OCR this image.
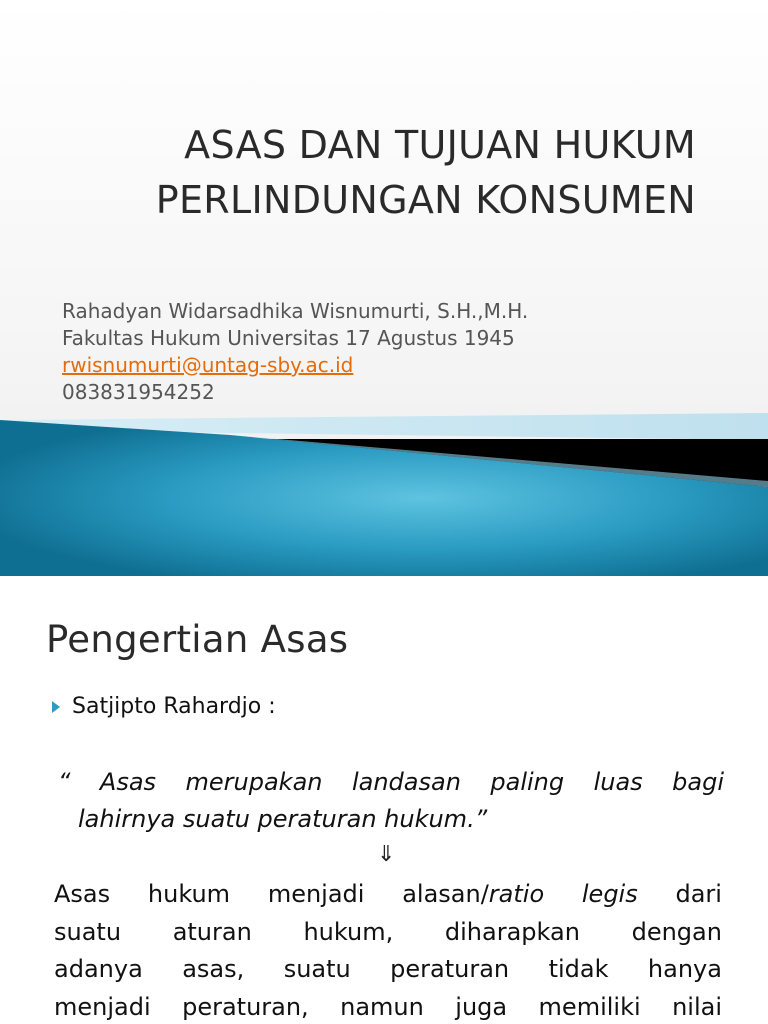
ASAS DAN TUJUAN HUKUM
PERLINDUNGAN KONSUMEN
Rahadyan Widarsadhika Wisnumurti, S.H.,M.H.
Fakultas Hukum Universitas 17 Agustus 1945
rwisnumurti@untag-sby.ac.id
083831954252
Pengertian Asas
Satjipto Rahardjo :
“ Asas merupakan landasan paling luas bagi
lahirnya suatu peraturan hukum.”
⇓
Asas hukum menjadi alasan/ratio legis dari
suatu aturan hukum, diharapkan dengan
adanya asas, suatu peraturan tidak hanya
menjadi peraturan, namun juga memiliki nilai
